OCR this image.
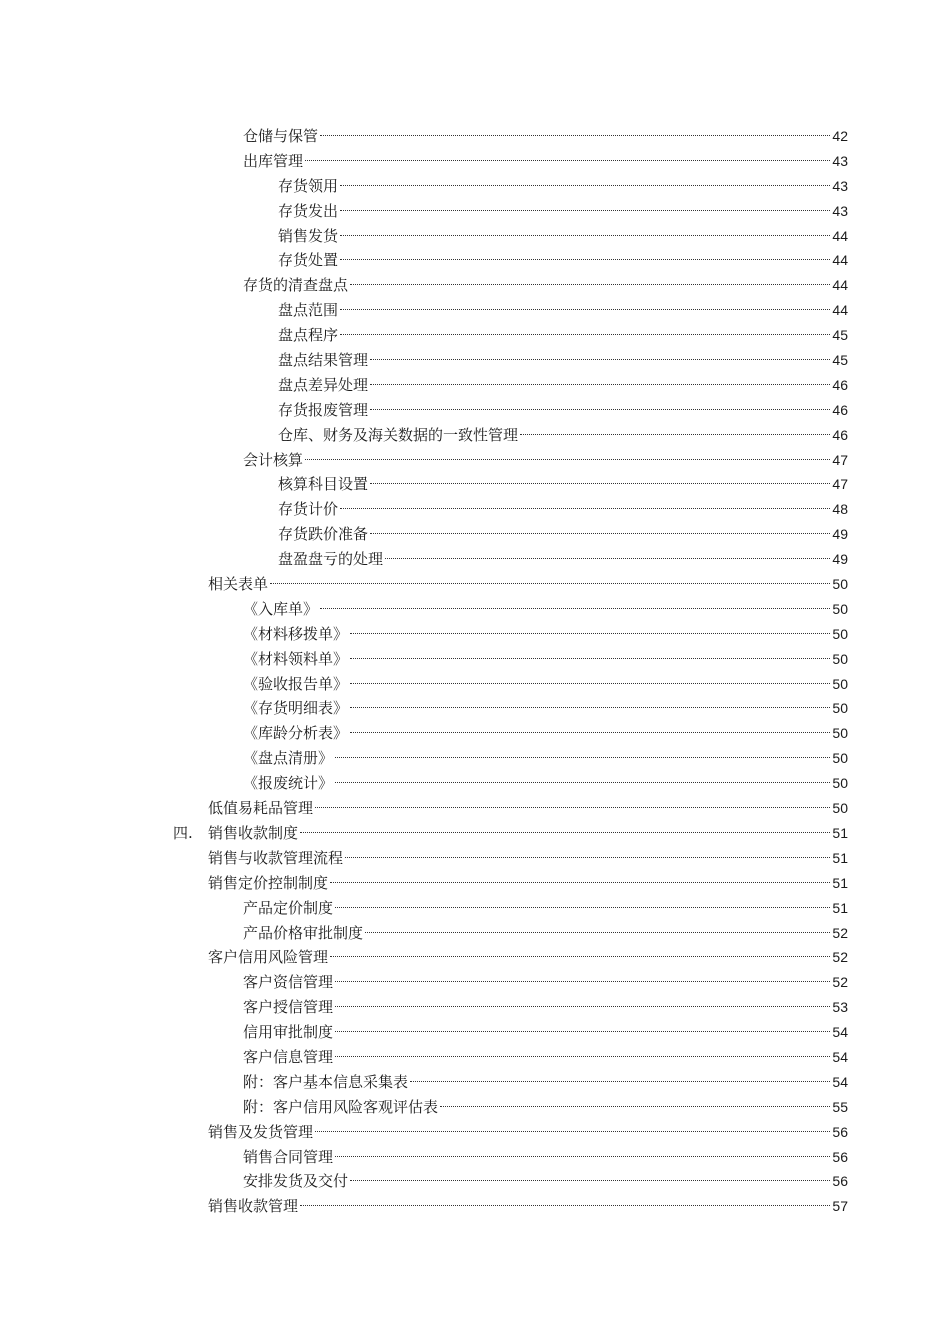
仓储与保管	42
出库管理	43
存货领用	43
存货发出	43
销售发货	44
存货处置	44
存货的清查盘点	44
盘点范围	44
盘点程序	45
盘点结果管理	45
盘点差异处理	46
存货报废管理	46
仓库、财务及海关数据的一致性管理	46
会计核算	47
核算科目设置	47
存货计价	48
存货跌价准备	49
盘盈盘亏的处理	49
相关表单	50
《入库单》	50
《材料移拨单》	50
《材料领料单》	50
《验收报告单》	50
《存货明细表》	50
《库龄分析表》	50
《盘点清册》	50
《报废统计》	50
低值易耗品管理	50
四.	销售收款制度	51
销售与收款管理流程	51
销售定价控制制度	51
产品定价制度	51
产品价格审批制度	52
客户信用风险管理	52
客户资信管理	52
客户授信管理	53
信用审批制度	54
客户信息管理	54
附：客户基本信息采集表	54
附：客户信用风险客观评估表	55
销售及发货管理	56
销售合同管理	56
安排发货及交付	56
销售收款管理	57
